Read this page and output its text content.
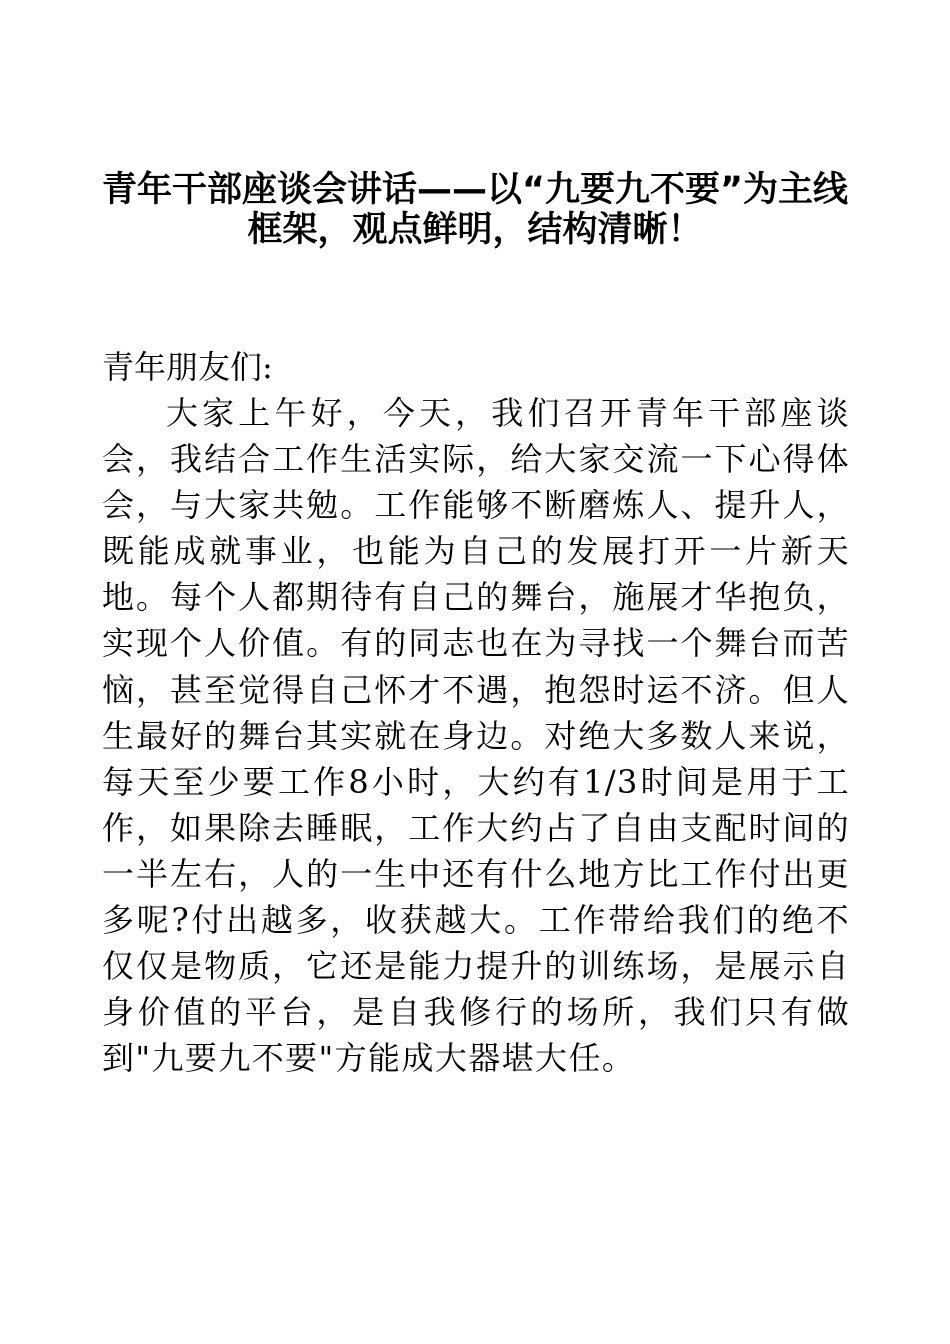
青年干部座谈会讲话——以“九要九不要”为主线框架，观点鲜明，结构清晰！

青年朋友们:

大家上午好，今天，我们召开青年干部座谈会，我结合工作生活实际，给大家交流一下心得体会，与大家共勉。工作能够不断磨炼人、提升人，既能成就事业，也能为自己的发展打开一片新天地。每个人都期待有自己的舞台，施展才华抱负，实现个人价值。有的同志也在为寻找一个舞台而苦恼，甚至觉得自己怀才不遇，抱怨时运不济。但人生最好的舞台其实就在身边。对绝大多数人来说，每天至少要工作8小时，大约有1/3时间是用于工作，如果除去睡眠，工作大约占了自由支配时间的一半左右，人的一生中还有什么地方比工作付出更多呢?付出越多，收获越大。工作带给我们的绝不仅仅是物质，它还是能力提升的训练场，是展示自身价值的平台，是自我修行的场所，我们只有做到"九要九不要"方能成大器堪大任。
